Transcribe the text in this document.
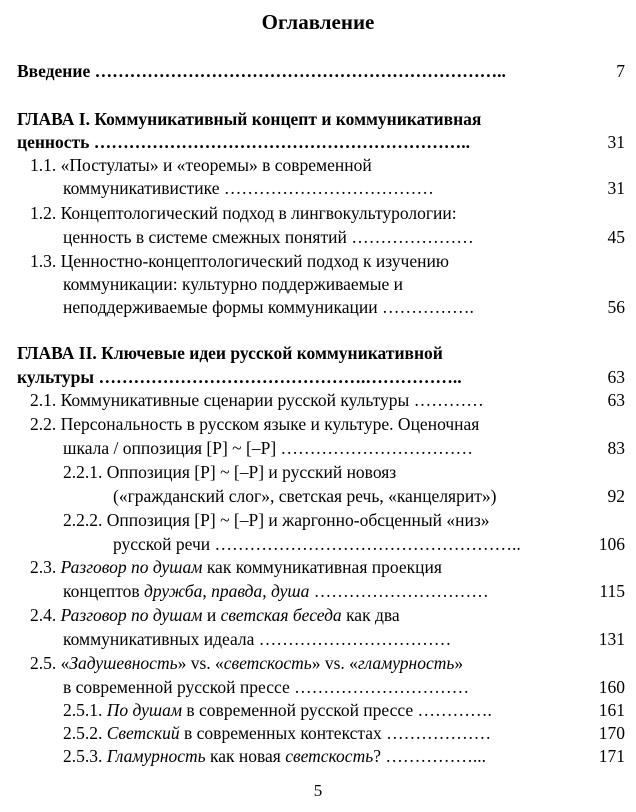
Оглавление
Введение ……………………………………………………………..	7
ГЛАВА I. Коммуникативный концепт и коммуникативная
ценность ………………………………………………………..	31
1.1. «Постулаты» и «теоремы» в современной
коммуникативистике ………………………………	31
1.2. Концептологический подход в лингвокультурологии:
ценность в системе смежных понятий …………………	45
1.3. Ценностно-концептологический подход к изучению
коммуникации: культурно поддерживаемые и
неподдерживаемые формы коммуникации …………….	56
ГЛАВА II. Ключевые идеи русской коммуникативной
культуры ……………………………………….……………..	63
2.1. Коммуникативные сценарии русской культуры …………	63
2.2. Персональность в русском языке и культуре. Оценочная
шкала / оппозиция [Р] ~ [–Р] ……………………………	83
2.2.1. Оппозиция [Р] ~ [–Р] и русский новояз
(«гражданский слог», светская речь, «канцелярит»)	92
2.2.2. Оппозиция [Р] ~ [–Р] и жаргонно-обсценный «низ»
русской речи ……………………………………………..	106
2.3. Разговор по душам как коммуникативная проекция
концептов дружба, правда, душа …………………………	115
2.4. Разговор по душам и светская беседа как два
коммуникативных идеала ……………………………	131
2.5. «Задушевность» vs. «светскость» vs. «гламурность»
в современной русской прессе …………………………	160
2.5.1. По душам в современной русской прессе ………….	161
2.5.2. Светский в современных контекстах ………………	170
2.5.3. Гламурность как новая светскость? ……………...	171
5
